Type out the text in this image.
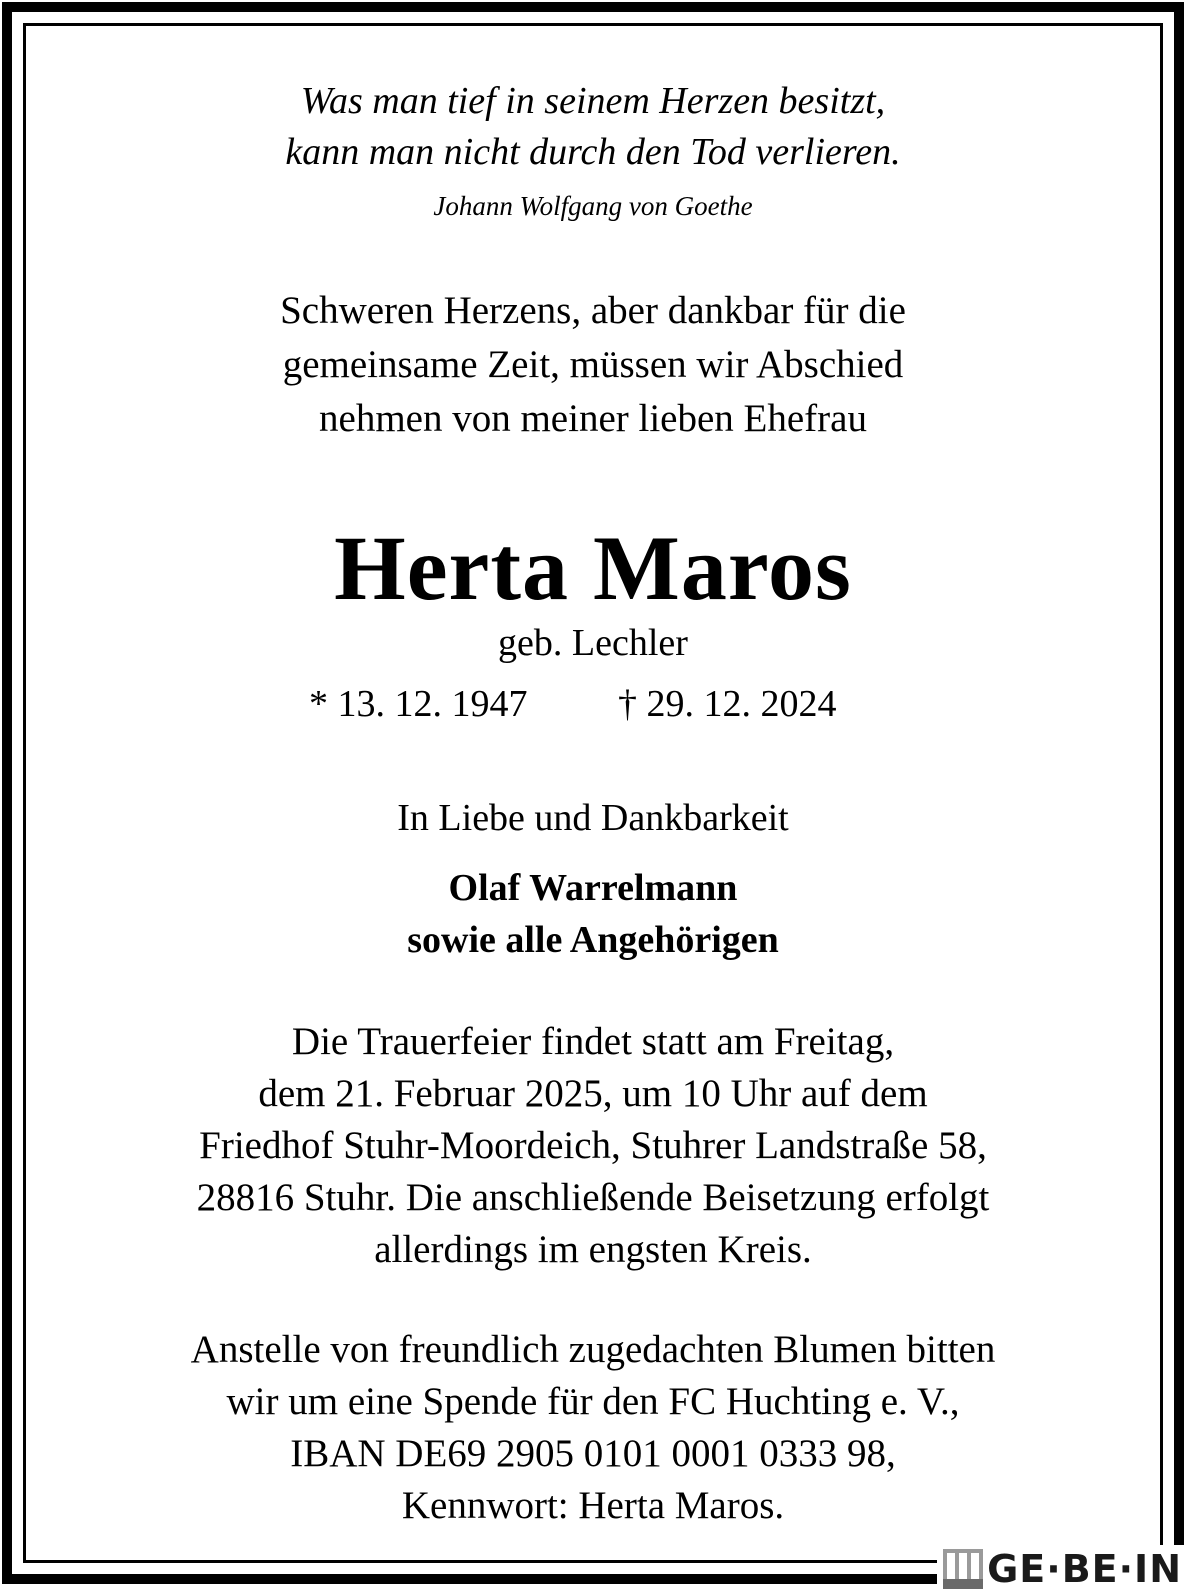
Was man tief in seinem Herzen besitzt,
kann man nicht durch den Tod verlieren.
Johann Wolfgang von Goethe
Schweren Herzens, aber dankbar für die
gemeinsame Zeit, müssen wir Abschied
nehmen von meiner lieben Ehefrau
Herta Maros
geb. Lechler
* 13. 12. 1947 † 29. 12. 2024
In Liebe und Dankbarkeit
Olaf Warrelmann
sowie alle Angehörigen
Die Trauerfeier findet statt am Freitag,
dem 21. Februar 2025, um 10 Uhr auf dem
Friedhof Stuhr-Moordeich, Stuhrer Landstraße 58,
28816 Stuhr. Die anschließende Beisetzung erfolgt
allerdings im engsten Kreis.
Anstelle von freundlich zugedachten Blumen bitten
wir um eine Spende für den FC Huchting e. V.,
IBAN DE69 2905 0101 0001 0333 98,
Kennwort: Herta Maros.
GE·BE·IN
